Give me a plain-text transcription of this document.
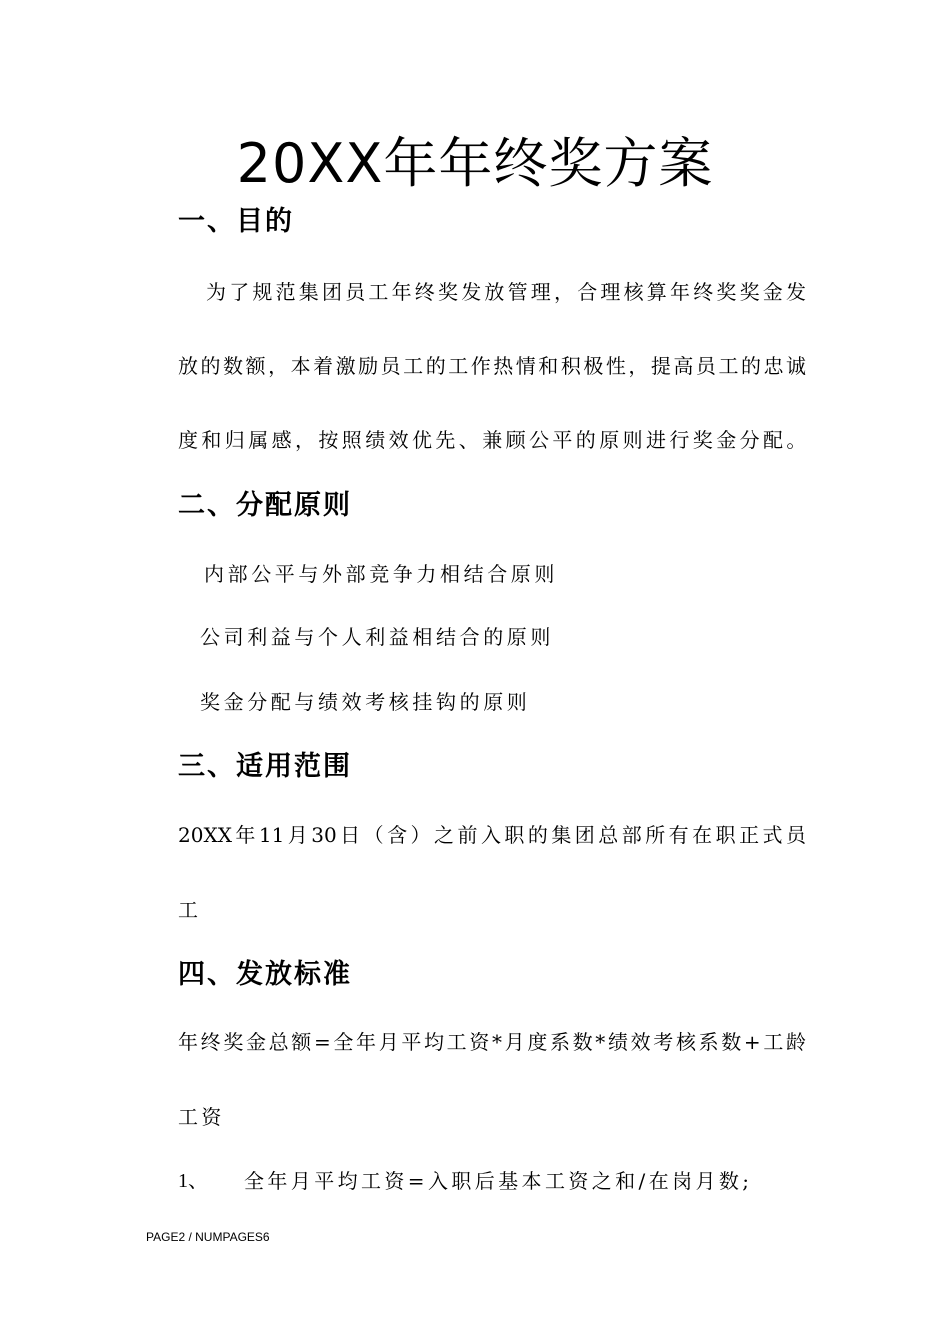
20XX年年终奖方案
一、目的
为了规范集团员工年终奖发放管理，合理核算年终奖奖金发
放的数额，本着激励员工的工作热情和积极性，提高员工的忠诚
度和归属感，按照绩效优先、兼顾公平的原则进行奖金分配。
二、分配原则
内部公平与外部竞争力相结合原则
公司利益与个人利益相结合的原则
奖金分配与绩效考核挂钩的原则
三、适用范围
20XX年11月30日（含）之前入职的集团总部所有在职正式员
工
四、发放标准
年终奖金总额=全年月平均工资*月度系数*绩效考核系数+工龄
工资
1、 全年月平均工资=入职后基本工资之和/在岗月数;
PAGE2 / NUMPAGES6
